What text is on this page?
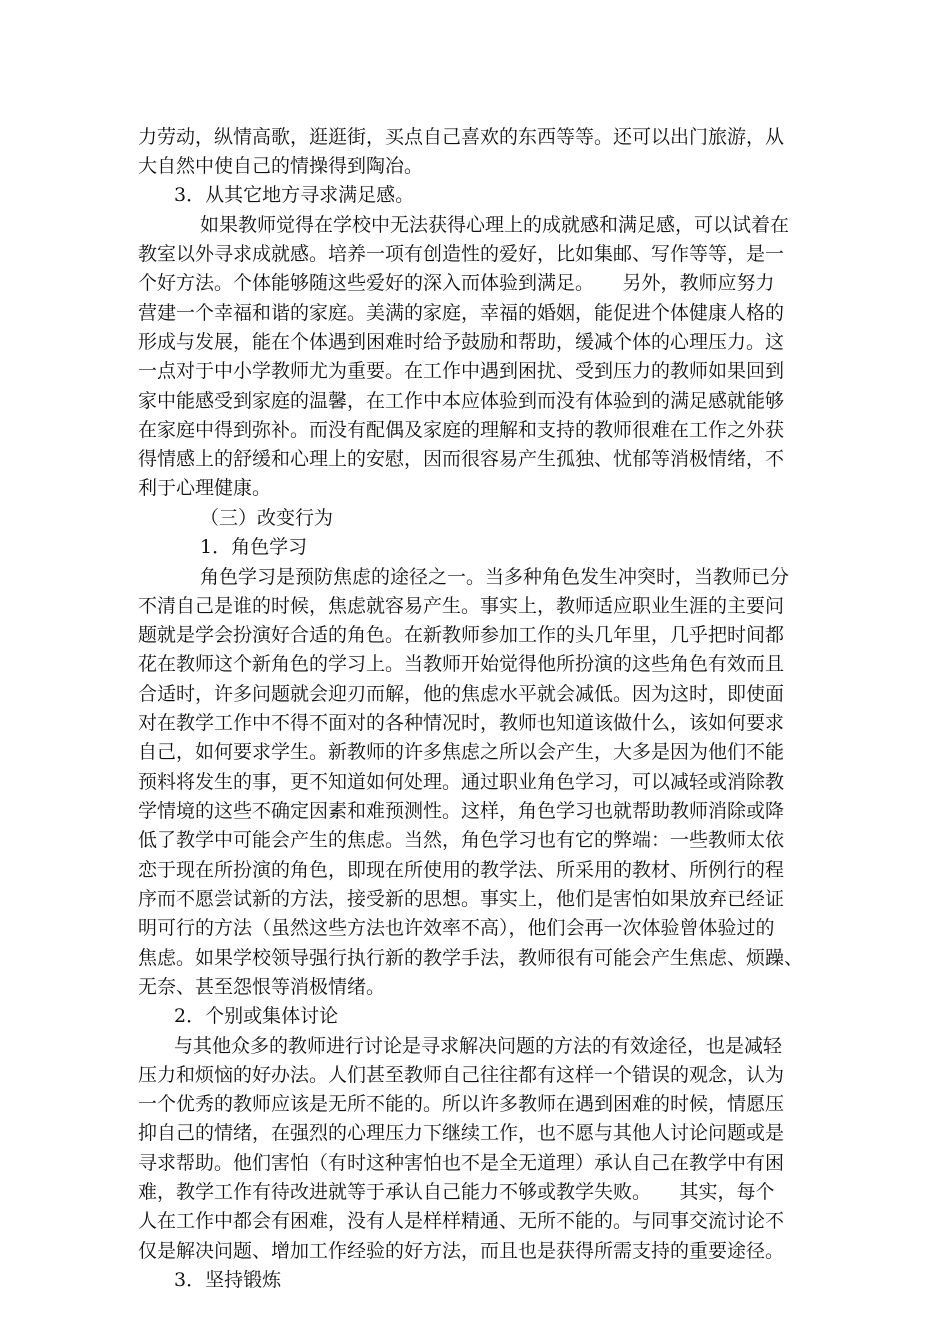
力劳动，纵情高歌，逛逛街，买点自己喜欢的东西等等。还可以出门旅游，从
大自然中使自己的情操得到陶冶。
3．从其它地方寻求满足感。
如果教师觉得在学校中无法获得心理上的成就感和满足感，可以试着在
教室以外寻求成就感。培养一项有创造性的爱好，比如集邮、写作等等，是一
个好方法。个体能够随这些爱好的深入而体验到满足。　　另外，教师应努力
营建一个幸福和谐的家庭。美满的家庭，幸福的婚姻，能促进个体健康人格的
形成与发展，能在个体遇到困难时给予鼓励和帮助，缓减个体的心理压力。这
一点对于中小学教师尤为重要。在工作中遇到困扰、受到压力的教师如果回到
家中能感受到家庭的温馨，在工作中本应体验到而没有体验到的满足感就能够
在家庭中得到弥补。而没有配偶及家庭的理解和支持的教师很难在工作之外获
得情感上的舒缓和心理上的安慰，因而很容易产生孤独、忧郁等消极情绪，不
利于心理健康。
（三）改变行为
1．角色学习
角色学习是预防焦虑的途径之一。当多种角色发生冲突时，当教师已分
不清自己是谁的时候，焦虑就容易产生。事实上，教师适应职业生涯的主要问
题就是学会扮演好合适的角色。在新教师参加工作的头几年里，几乎把时间都
花在教师这个新角色的学习上。当教师开始觉得他所扮演的这些角色有效而且
合适时，许多问题就会迎刃而解，他的焦虑水平就会减低。因为这时，即使面
对在教学工作中不得不面对的各种情况时，教师也知道该做什么，该如何要求
自己，如何要求学生。新教师的许多焦虑之所以会产生，大多是因为他们不能
预料将发生的事，更不知道如何处理。通过职业角色学习，可以减轻或消除教
学情境的这些不确定因素和难预测性。这样，角色学习也就帮助教师消除或降
低了教学中可能会产生的焦虑。当然，角色学习也有它的弊端：一些教师太依
恋于现在所扮演的角色，即现在所使用的教学法、所采用的教材、所例行的程
序而不愿尝试新的方法，接受新的思想。事实上，他们是害怕如果放弃已经证
明可行的方法（虽然这些方法也许效率不高），他们会再一次体验曾体验过的
焦虑。如果学校领导强行执行新的教学手法，教师很有可能会产生焦虑、烦躁、
无奈、甚至怨恨等消极情绪。
2．个别或集体讨论
与其他众多的教师进行讨论是寻求解决问题的方法的有效途径，也是减轻
压力和烦恼的好办法。人们甚至教师自己往往都有这样一个错误的观念，认为
一个优秀的教师应该是无所不能的。所以许多教师在遇到困难的时候，情愿压
抑自己的情绪，在强烈的心理压力下继续工作，也不愿与其他人讨论问题或是
寻求帮助。他们害怕（有时这种害怕也不是全无道理）承认自己在教学中有困
难，教学工作有待改进就等于承认自己能力不够或教学失败。　　其实，每个
人在工作中都会有困难，没有人是样样精通、无所不能的。与同事交流讨论不
仅是解决问题、增加工作经验的好方法，而且也是获得所需支持的重要途径。
3．坚持锻炼
